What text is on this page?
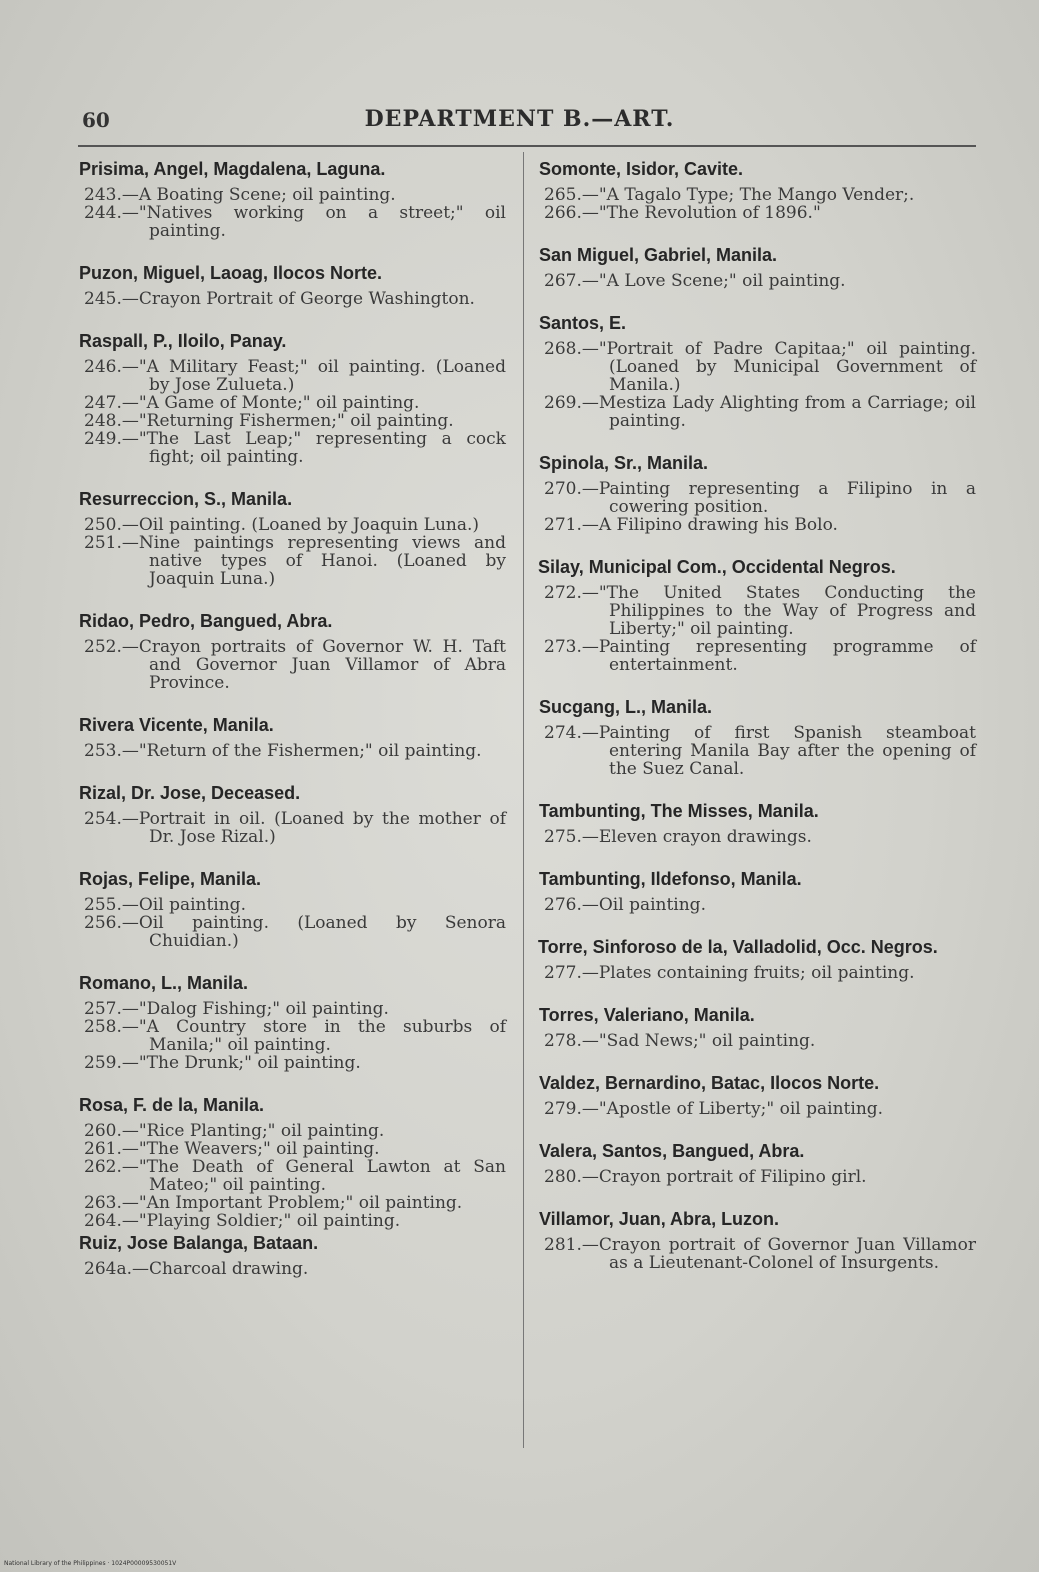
60	DEPARTMENT B.—ART.
Prisima, Angel, Magdalena, Laguna.
243.—A Boating Scene; oil painting.
244.—"Natives working on a street;" oil painting.
Puzon, Miguel, Laoag, Ilocos Norte.
245.—Crayon Portrait of George Washington.
Raspall, P., Iloilo, Panay.
246.—"A Military Feast;" oil painting. (Loaned by Jose Zulueta.)
247.—"A Game of Monte;" oil painting.
248.—"Returning Fishermen;" oil painting.
249.—"The Last Leap;" representing a cock fight; oil painting.
Resurreccion, S., Manila.
250.—Oil painting. (Loaned by Joaquin Luna.)
251.—Nine paintings representing views and native types of Hanoi. (Loaned by Joaquin Luna.)
Ridao, Pedro, Bangued, Abra.
252.—Crayon portraits of Governor W. H. Taft and Governor Juan Villamor of Abra Province.
Rivera Vicente, Manila.
253.—"Return of the Fishermen;" oil painting.
Rizal, Dr. Jose, Deceased.
254.—Portrait in oil. (Loaned by the mother of Dr. Jose Rizal.)
Rojas, Felipe, Manila.
255.—Oil painting.
256.—Oil painting. (Loaned by Senora Chuidian.)
Romano, L., Manila.
257.—"Dalog Fishing;" oil painting.
258.—"A Country store in the suburbs of Manila;" oil painting.
259.—"The Drunk;" oil painting.
Rosa, F. de la, Manila.
260.—"Rice Planting;" oil painting.
261.—"The Weavers;" oil painting.
262.—"The Death of General Lawton at San Mateo;" oil painting.
263.—"An Important Problem;" oil painting.
264.—"Playing Soldier;" oil painting.
Ruiz, Jose Balanga, Bataan.
264a.—Charcoal drawing.
Somonte, Isidor, Cavite.
265.—"A Tagalo Type; The Mango Vender;.
266.—"The Revolution of 1896."
San Miguel, Gabriel, Manila.
267.—"A Love Scene;" oil painting.
Santos, E.
268.—"Portrait of Padre Capitaa;" oil painting. (Loaned by Municipal Government of Manila.)
269.—Mestiza Lady Alighting from a Carriage; oil painting.
Spinola, Sr., Manila.
270.—Painting representing a Filipino in a cowering position.
271.—A Filipino drawing his Bolo.
Silay, Municipal Com., Occidental Negros.
272.—"The United States Conducting the Philippines to the Way of Progress and Liberty;" oil painting.
273.—Painting representing programme of entertainment.
Sucgang, L., Manila.
274.—Painting of first Spanish steamboat entering Manila Bay after the opening of the Suez Canal.
Tambunting, The Misses, Manila.
275.—Eleven crayon drawings.
Tambunting, Ildefonso, Manila.
276.—Oil painting.
Torre, Sinforoso de la, Valladolid, Occ. Negros.
277.—Plates containing fruits; oil painting.
Torres, Valeriano, Manila.
278.—"Sad News;" oil painting.
Valdez, Bernardino, Batac, Ilocos Norte.
279.—"Apostle of Liberty;" oil painting.
Valera, Santos, Bangued, Abra.
280.—Crayon portrait of Filipino girl.
Villamor, Juan, Abra, Luzon.
281.—Crayon portrait of Governor Juan Villamor as a Lieutenant-Colonel of Insurgents.
National Library of the Philippines · 1024P00009530051V
